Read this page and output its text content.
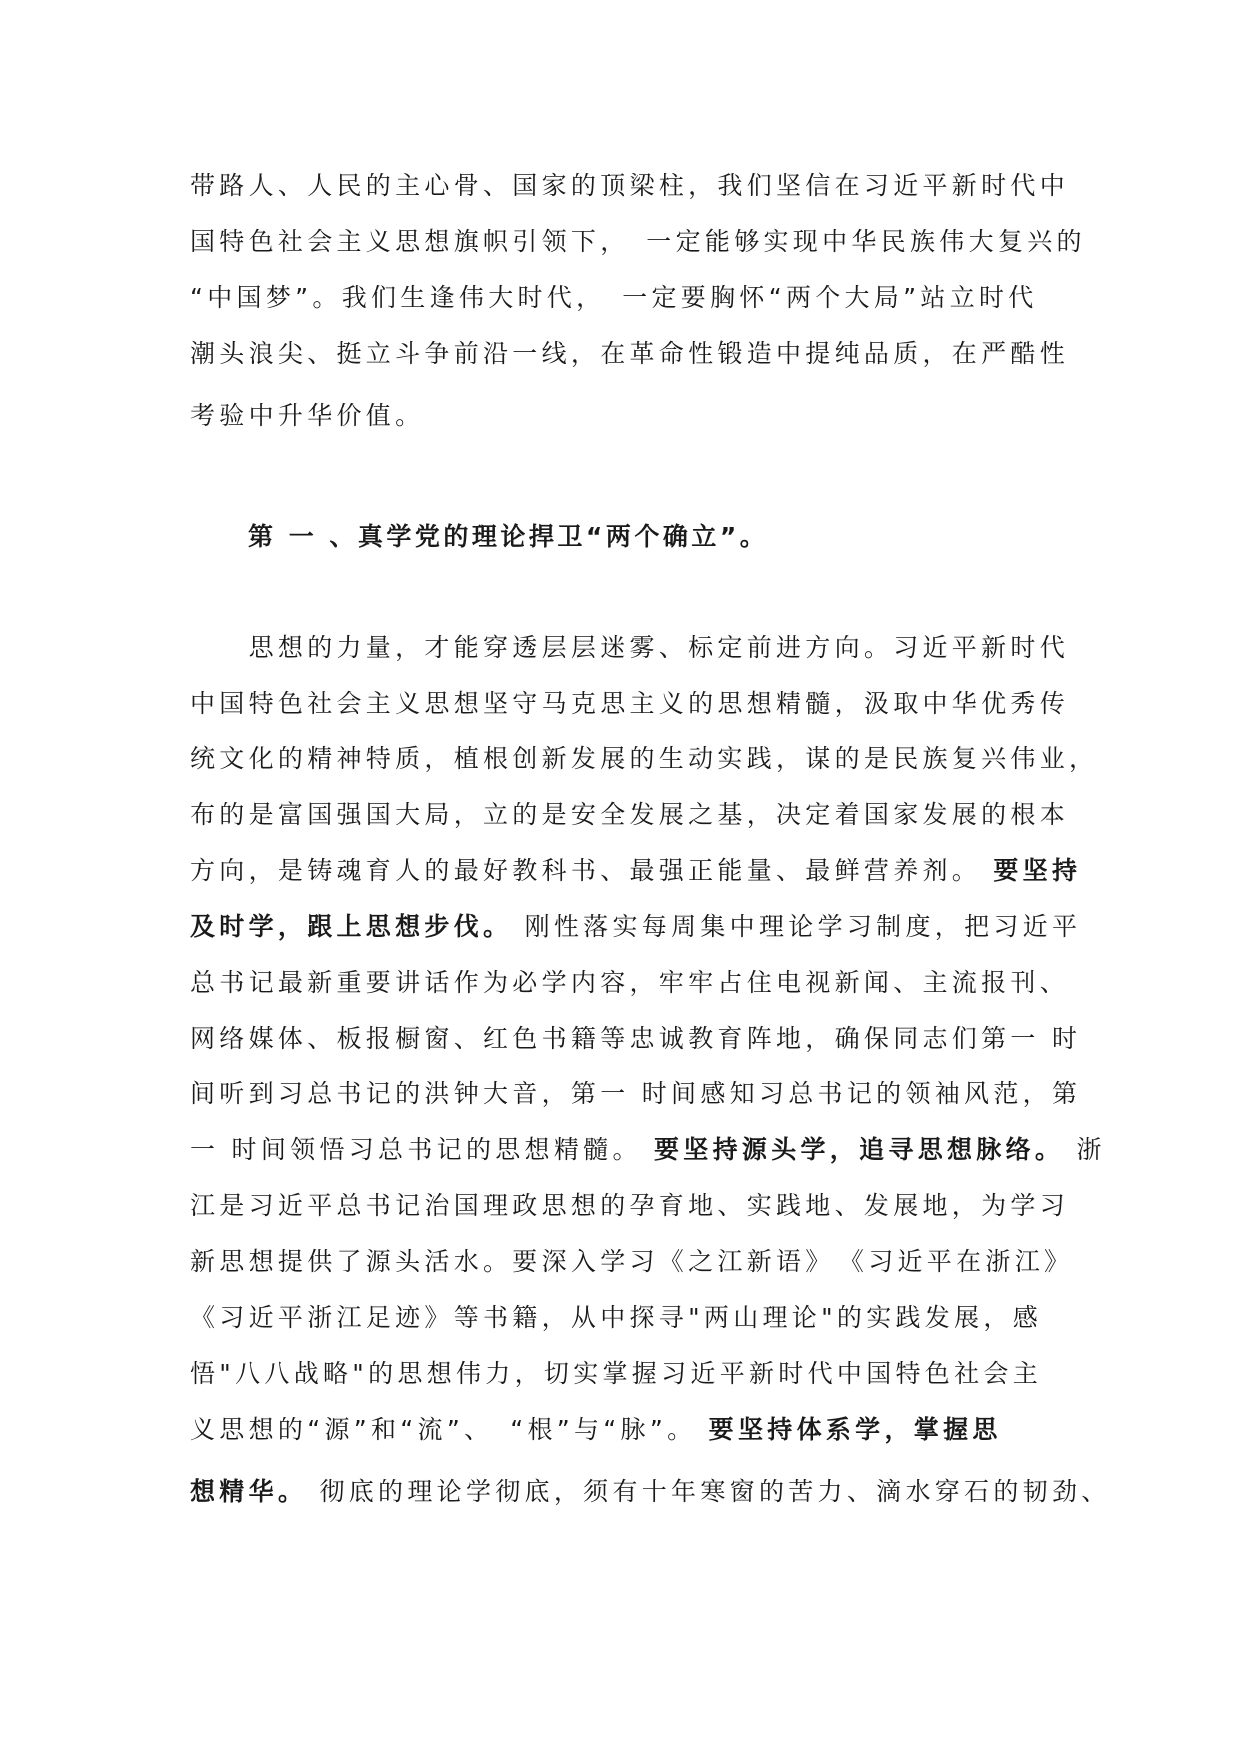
带路人、人民的主心骨、国家的顶梁柱，我们坚信在习近平新时代中
国特色社会主义思想旗帜引领下，　一定能够实现中华民族伟大复兴的
“中国梦”。我们生逢伟大时代，　一定要胸怀“两个大局”站立时代
潮头浪尖、挺立斗争前沿一线，在革命性锻造中提纯品质，在严酷性
考验中升华价值。
第 一 、真学党的理论捍卫“两个确立”。
　　思想的力量，才能穿透层层迷雾、标定前进方向。习近平新时代
中国特色社会主义思想坚守马克思主义的思想精髓，汲取中华优秀传
统文化的精神特质，植根创新发展的生动实践，谋的是民族复兴伟业，
布的是富国强国大局，立的是安全发展之基，决定着国家发展的根本
方向，是铸魂育人的最好教科书、最强正能量、最鲜营养剂。 要坚持
及时学，跟上思想步伐。 刚性落实每周集中理论学习制度，把习近平
总书记最新重要讲话作为必学内容，牢牢占住电视新闻、主流报刊、
网络媒体、板报橱窗、红色书籍等忠诚教育阵地，确保同志们第一 时
间听到习总书记的洪钟大音，第一 时间感知习总书记的领袖风范，第
一 时间领悟习总书记的思想精髓。 要坚持源头学，追寻思想脉络。 浙
江是习近平总书记治国理政思想的孕育地、实践地、发展地，为学习
新思想提供了源头活水。要深入学习《之江新语》　《习近平在浙江》
《习近平浙江足迹》等书籍，从中探寻"两山理论"的实践发展，感
悟"八八战略"的思想伟力，切实掌握习近平新时代中国特色社会主
义思想的“源”和“流”、　“根”与“脉”。 要坚持体系学，掌握思
想精华。 彻底的理论学彻底，须有十年寒窗的苦力、滴水穿石的韧劲、
